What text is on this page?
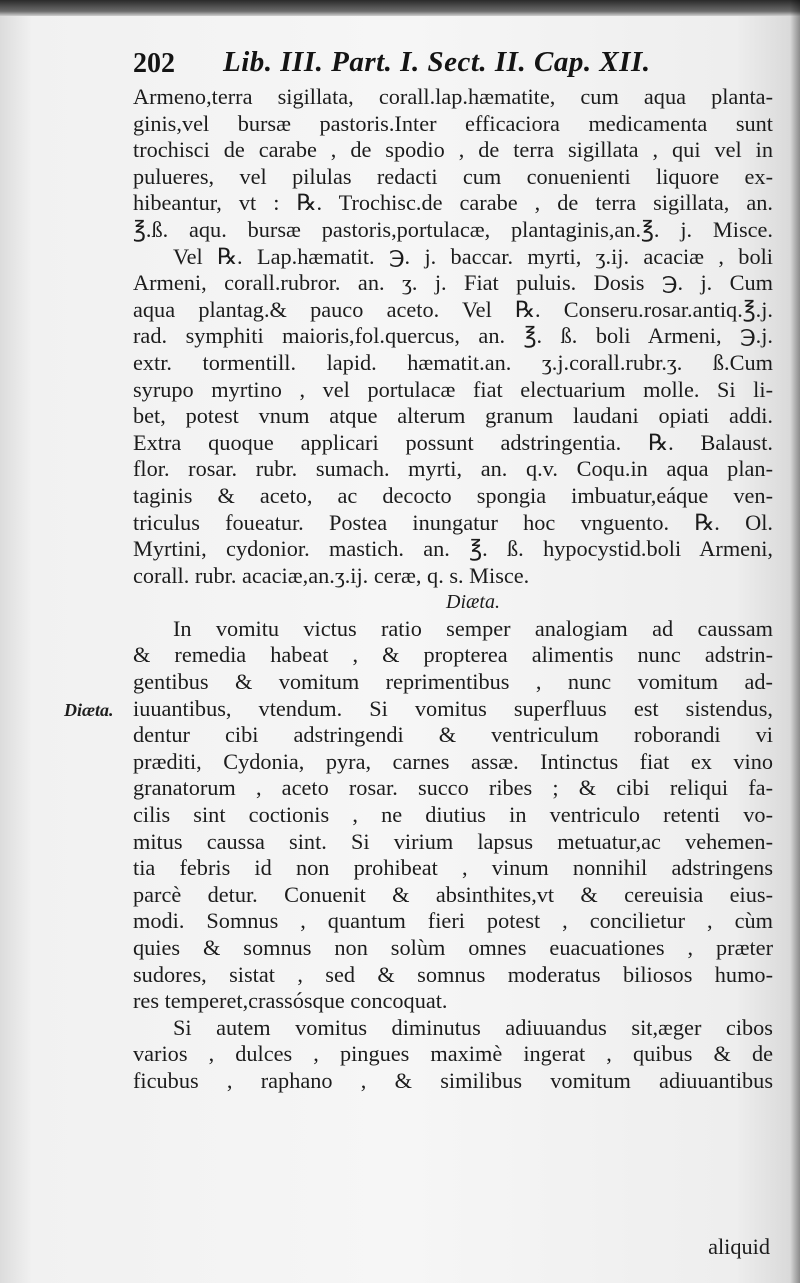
202 Lib. III. Part. I. Sect. II. Cap. XII.
Diæta.
Armeno,terra sigillata, corall.lap.hæmatite, cum aqua planta-
ginis,vel bursæ pastoris.Inter efficaciora medicamenta sunt
trochisci de carabe , de spodio , de terra sigillata , qui vel in
pulueres, vel pilulas redacti cum conuenienti liquore ex-
hibeantur, vt : ℞. Trochisc.de carabe , de terra sigillata, an.
℥.ß. aqu. bursæ pastoris,portulacæ, plantaginis,an.℥. j. Misce.
Vel ℞. Lap.hæmatit. ℈. j. baccar. myrti, ʒ.ij. acaciæ , boli
Armeni, corall.rubror. an. ʒ. j. Fiat puluis. Dosis ℈. j. Cum
aqua plantag.& pauco aceto. Vel ℞. Conseru.rosar.antiq.℥.j.
rad. symphiti maioris,fol.quercus, an. ℥. ß. boli Armeni, ℈.j.
extr. tormentill. lapid. hæmatit.an. ʒ.j.corall.rubr.ʒ. ß.Cum
syrupo myrtino , vel portulacæ fiat electuarium molle. Si li-
bet, potest vnum atque alterum granum laudani opiati addi.
Extra quoque applicari possunt adstringentia. ℞. Balaust.
flor. rosar. rubr. sumach. myrti, an. q.v. Coqu.in aqua plan-
taginis & aceto, ac decocto spongia imbuatur,eáque ven-
triculus foueatur. Postea inungatur hoc vnguento. ℞. Ol.
Myrtini, cydonior. mastich. an. ℥. ß. hypocystid.boli Armeni,
corall. rubr. acaciæ,an.ʒ.ij. ceræ, q. s. Misce.
Diæta.
In vomitu victus ratio semper analogiam ad caussam
& remedia habeat , & propterea alimentis nunc adstrin-
gentibus & vomitum reprimentibus , nunc vomitum ad-
iuuantibus, vtendum. Si vomitus superfluus est sistendus,
dentur cibi adstringendi & ventriculum roborandi vi
præditi, Cydonia, pyra, carnes assæ. Intinctus fiat ex vino
granatorum , aceto rosar. succo ribes ; & cibi reliqui fa-
cilis sint coctionis , ne diutius in ventriculo retenti vo-
mitus caussa sint. Si virium lapsus metuatur,ac vehemen-
tia febris id non prohibeat , vinum nonnihil adstringens
parcè detur. Conuenit & absinthites,vt & cereuisia eius-
modi. Somnus , quantum fieri potest , concilietur , cùm
quies & somnus non solùm omnes euacuationes , præter
sudores, sistat , sed & somnus moderatus biliosos humo-
res temperet,crassósque concoquat.
Si autem vomitus diminutus adiuuandus sit,æger cibos
varios , dulces , pingues maximè ingerat , quibus & de
ficubus , raphano , & similibus vomitum adiuuantibus
aliquid
